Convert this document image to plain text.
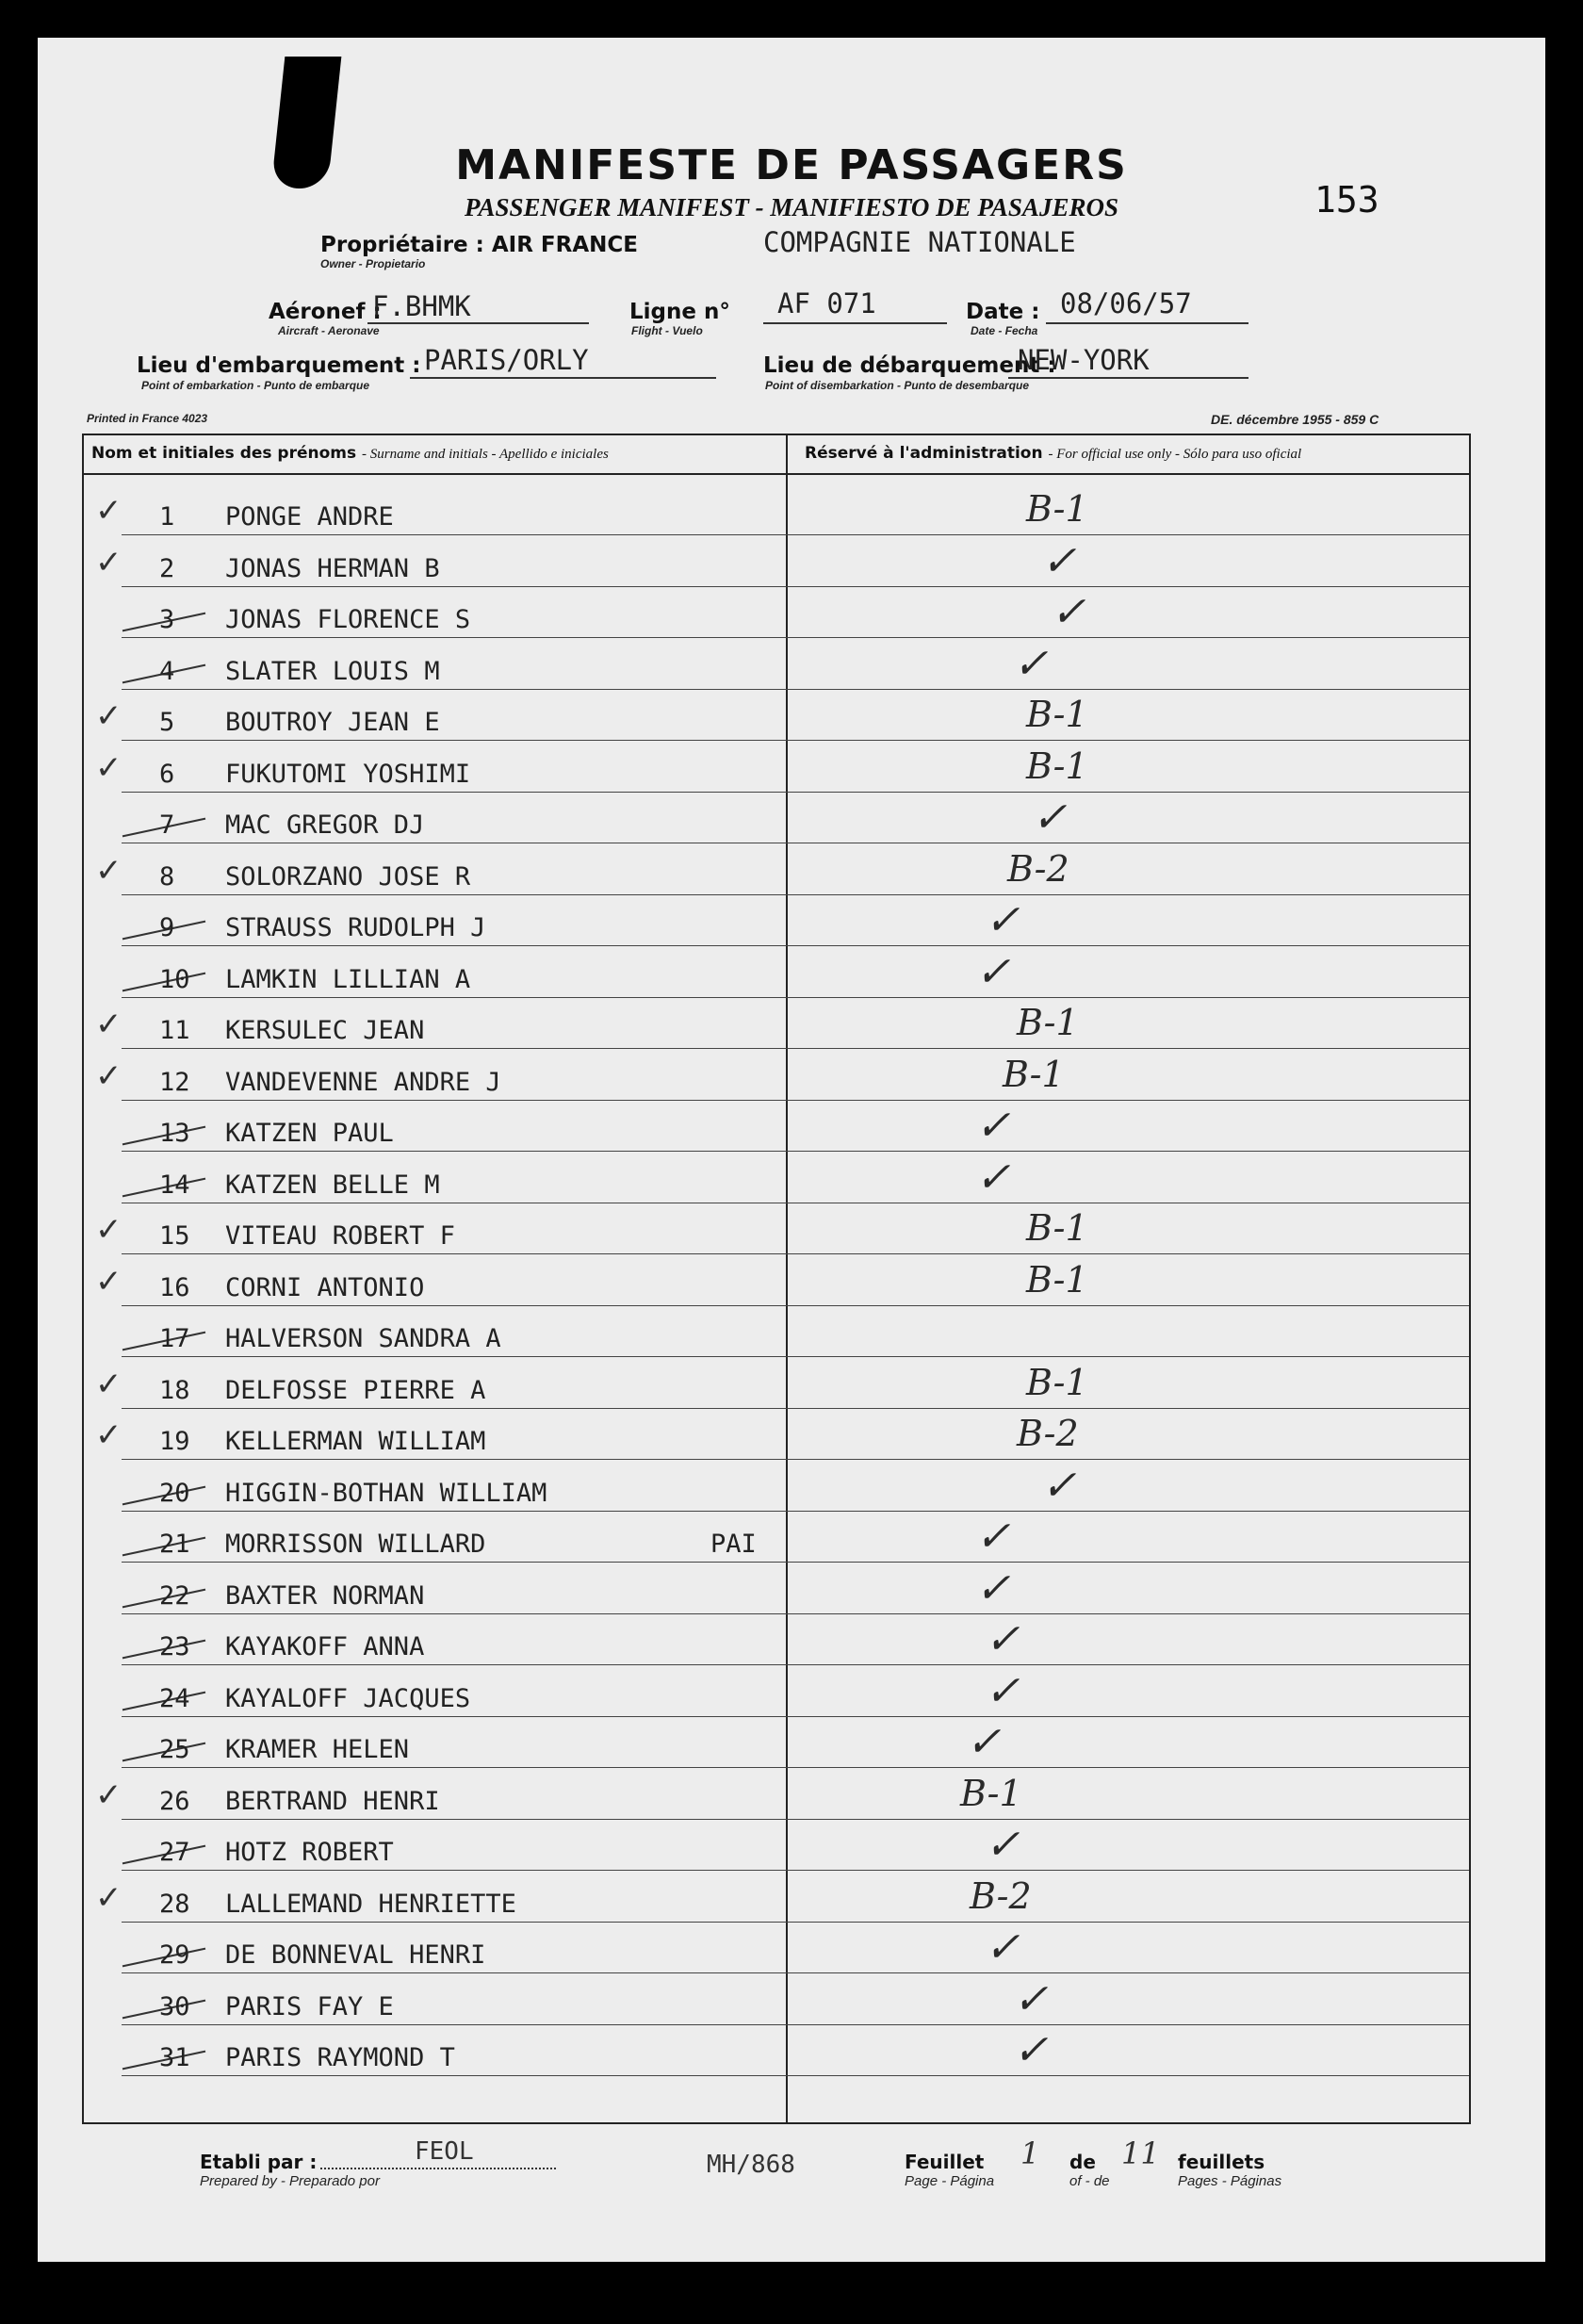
MANIFESTE DE PASSAGERS
PASSENGER MANIFEST - MANIFIESTO DE PASAJEROS	153
Propriétaire : AIR FRANCE
Owner - Propietario
COMPAGNIE NATIONALE
Aéronef :
Aircraft - Aeronave
F.BHMK	Ligne n°
Flight - Vuelo
AF 071	Date :
Date - Fecha
08/06/57
Lieu d'embarquement :
Point of embarkation - Punto de embarque
PARIS/ORLY	Lieu de débarquement :
Point of disembarkation - Punto de desembarque
NEW-YORK
Printed in France 4023	DE. décembre 1955 - 859 C
Nom et initiales des prénoms - Surname and initials - Apellido e iniciales	Réservé à l'administration - For official use only - Sólo para uso oficial
✓ 1 PONGE ANDRE	B-1
✓ 2 JONAS HERMAN B	✓
3 JONAS FLORENCE S	✓
4 SLATER LOUIS M	✓
✓ 5 BOUTROY JEAN E	B-1
✓ 6 FUKUTOMI YOSHIMI	B-1
7 MAC GREGOR DJ	✓
✓ 8 SOLORZANO JOSE R	B-2
9 STRAUSS RUDOLPH J	✓
10 LAMKIN LILLIAN A	✓
✓ 11 KERSULEC JEAN	B-1
✓ 12 VANDEVENNE ANDRE J	B-1
13 KATZEN PAUL	✓
14 KATZEN BELLE M	✓
✓ 15 VITEAU ROBERT F	B-1
✓ 16 CORNI ANTONIO	B-1
17 HALVERSON SANDRA A
✓ 18 DELFOSSE PIERRE A	B-1
✓ 19 KELLERMAN WILLIAM	B-2
20 HIGGIN-BOTHAN WILLIAM	✓
21 MORRISSON WILLARD	PAI	✓
22 BAXTER NORMAN	✓
23 KAYAKOFF ANNA	✓
24 KAYALOFF JACQUES	✓
25 KRAMER HELEN	✓
✓ 26 BERTRAND HENRI	B-1
27 HOTZ ROBERT	✓
✓ 28 LALLEMAND HENRIETTE	B-2
29 DE BONNEVAL HENRI	✓
30 PARIS FAY E	✓
31 PARIS RAYMOND T	✓
Etabli par :
Prepared by - Preparado por
FEOL	MH/868	Feuillet
Page - Página
1 de
of - de
11 feuillets
Pages - Páginas
